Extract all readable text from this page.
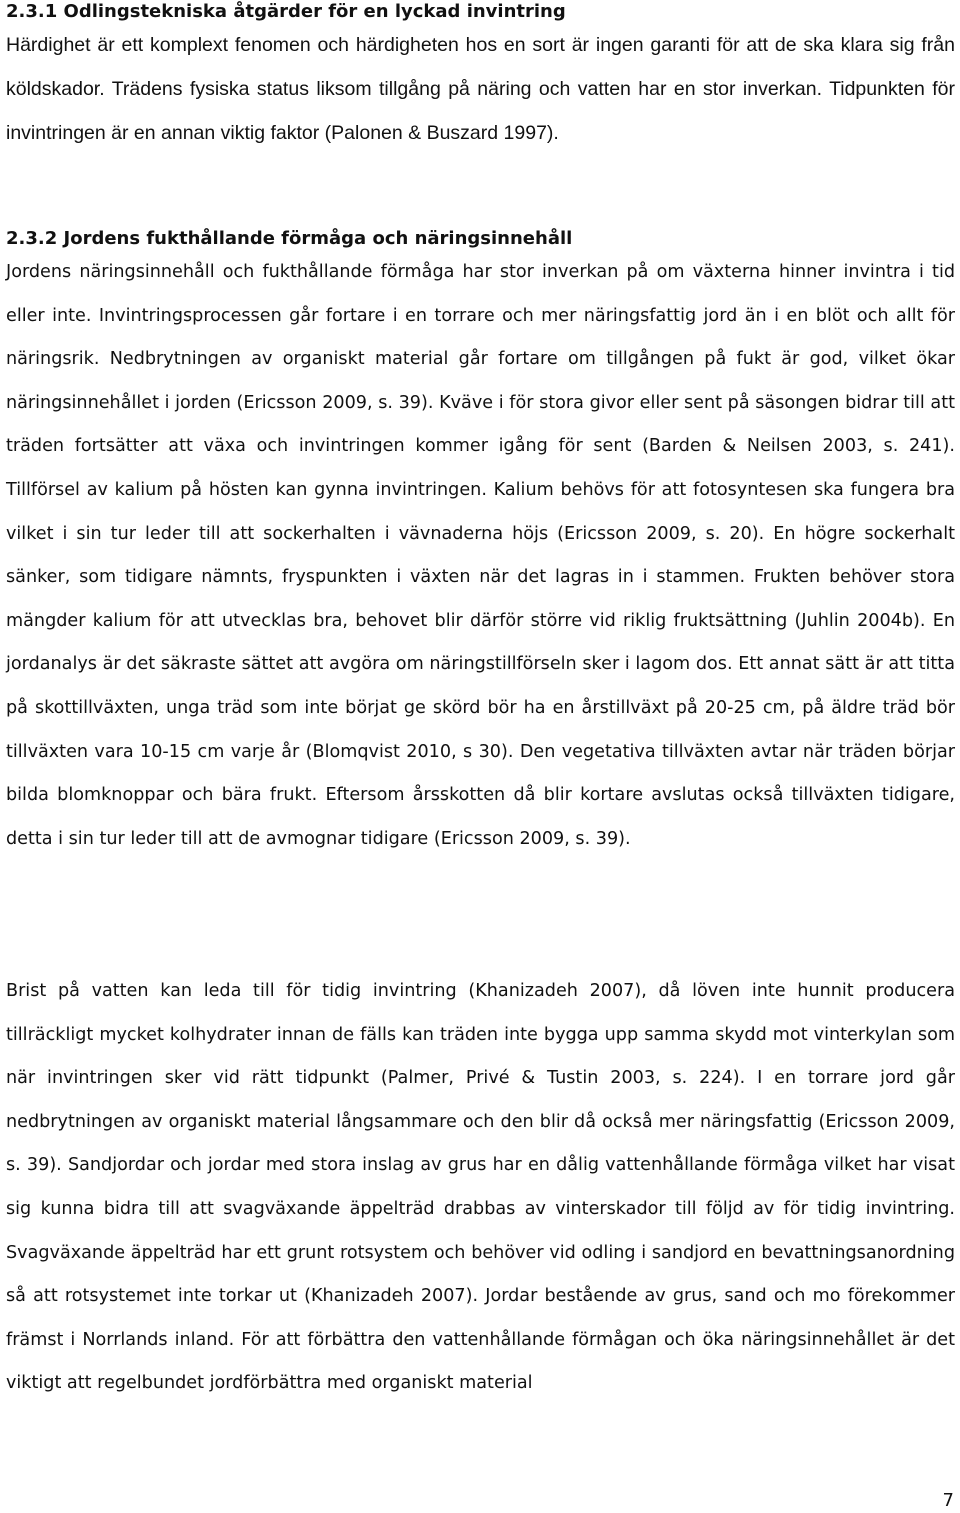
2.3.1 Odlingstekniska åtgärder för en lyckad invintring

Härdighet är ett komplext fenomen och härdigheten hos en sort är ingen garanti för att de ska klara sig från köldskador. Trädens fysiska status liksom tillgång på näring och vatten har en stor inverkan. Tidpunkten för invintringen är en annan viktig faktor (Palonen & Buszard 1997).

2.3.2 Jordens fukthållande förmåga och näringsinnehåll

Jordens näringsinnehåll och fukthållande förmåga har stor inverkan på om växterna hinner invintra i tid eller inte. Invintringsprocessen går fortare i en torrare och mer näringsfattig jord än i en blöt och allt för näringsrik. Nedbrytningen av organiskt material går fortare om tillgången på fukt är god, vilket ökar näringsinnehållet i jorden (Ericsson 2009, s. 39). Kväve i för stora givor eller sent på säsongen bidrar till att träden fortsätter att växa och invintringen kommer igång för sent (Barden & Neilsen 2003, s. 241). Tillförsel av kalium på hösten kan gynna invintringen. Kalium behövs för att fotosyntesen ska fungera bra vilket i sin tur leder till att sockerhalten i vävnaderna höjs (Ericsson 2009, s. 20). En högre sockerhalt sänker, som tidigare nämnts, fryspunkten i växten när det lagras in i stammen. Frukten behöver stora mängder kalium för att utvecklas bra, behovet blir därför större vid riklig fruktsättning (Juhlin 2004b). En jordanalys är det säkraste sättet att avgöra om näringstillförseln sker i lagom dos. Ett annat sätt är att titta på skottillväxten, unga träd som inte börjat ge skörd bör ha en årstillväxt på 20-25 cm, på äldre träd bör tillväxten vara 10-15 cm varje år (Blomqvist 2010, s 30). Den vegetativa tillväxten avtar när träden börjar bilda blomknoppar och bära frukt. Eftersom årsskotten då blir kortare avslutas också tillväxten tidigare, detta i sin tur leder till att de avmognar tidigare (Ericsson 2009, s. 39).

Brist på vatten kan leda till för tidig invintring (Khanizadeh 2007), då löven inte hunnit producera tillräckligt mycket kolhydrater innan de fälls kan träden inte bygga upp samma skydd mot vinterkylan som när invintringen sker vid rätt tidpunkt (Palmer, Privé & Tustin 2003, s. 224). I en torrare jord går nedbrytningen av organiskt material långsammare och den blir då också mer näringsfattig (Ericsson 2009, s. 39). Sandjordar och jordar med stora inslag av grus har en dålig vattenhållande förmåga vilket har visat sig kunna bidra till att svagväxande äppelträd drabbas av vinterskador till följd av för tidig invintring. Svagväxande äppelträd har ett grunt rotsystem och behöver vid odling i sandjord en bevattningsanordning så att rotsystemet inte torkar ut (Khanizadeh 2007). Jordar bestående av grus, sand och mo förekommer främst i Norrlands inland. För att förbättra den vattenhållande förmågan och öka näringsinnehållet är det viktigt att regelbundet jordförbättra med organiskt material

7
